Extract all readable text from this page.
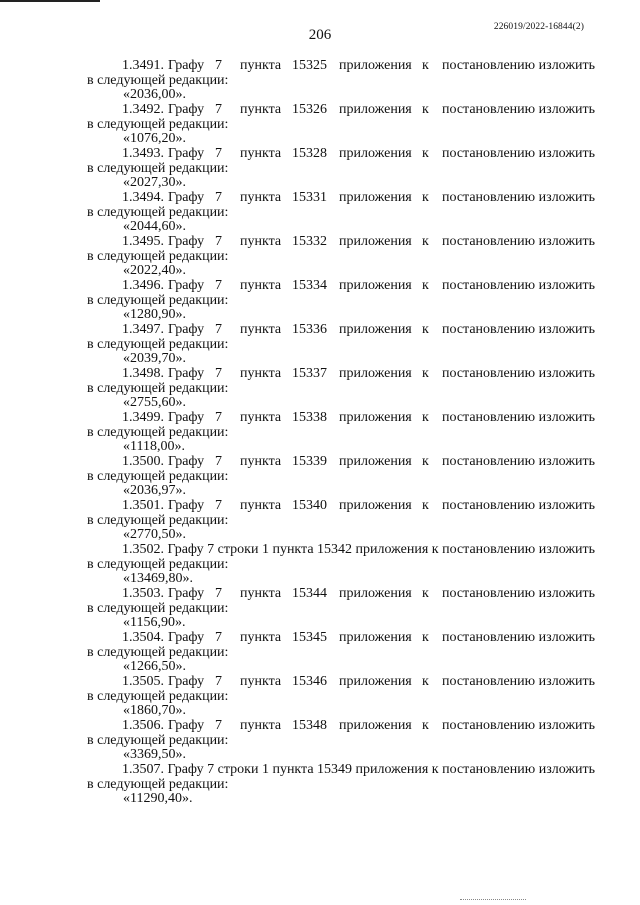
206	226019/2022-16844(2)
1.3491. Графу 7 пункта 15325 приложения к постановлению изложить
в следующей редакции:
«2036,00».
1.3492. Графу 7 пункта 15326 приложения к постановлению изложить
в следующей редакции:
«1076,20».
1.3493. Графу 7 пункта 15328 приложения к постановлению изложить
в следующей редакции:
«2027,30».
1.3494. Графу 7 пункта 15331 приложения к постановлению изложить
в следующей редакции:
«2044,60».
1.3495. Графу 7 пункта 15332 приложения к постановлению изложить
в следующей редакции:
«2022,40».
1.3496. Графу 7 пункта 15334 приложения к постановлению изложить
в следующей редакции:
«1280,90».
1.3497. Графу 7 пункта 15336 приложения к постановлению изложить
в следующей редакции:
«2039,70».
1.3498. Графу 7 пункта 15337 приложения к постановлению изложить
в следующей редакции:
«2755,60».
1.3499. Графу 7 пункта 15338 приложения к постановлению изложить
в следующей редакции:
«1118,00».
1.3500. Графу 7 пункта 15339 приложения к постановлению изложить
в следующей редакции:
«2036,97».
1.3501. Графу 7 пункта 15340 приложения к постановлению изложить
в следующей редакции:
«2770,50».
1.3502. Графу 7 строки 1 пункта 15342 приложения к постановлению изложить
в следующей редакции:
«13469,80».
1.3503. Графу 7 пункта 15344 приложения к постановлению изложить
в следующей редакции:
«1156,90».
1.3504. Графу 7 пункта 15345 приложения к постановлению изложить
в следующей редакции:
«1266,50».
1.3505. Графу 7 пункта 15346 приложения к постановлению изложить
в следующей редакции:
«1860,70».
1.3506. Графу 7 пункта 15348 приложения к постановлению изложить
в следующей редакции:
«3369,50».
1.3507. Графу 7 строки 1 пункта 15349 приложения к постановлению изложить
в следующей редакции:
«11290,40».
